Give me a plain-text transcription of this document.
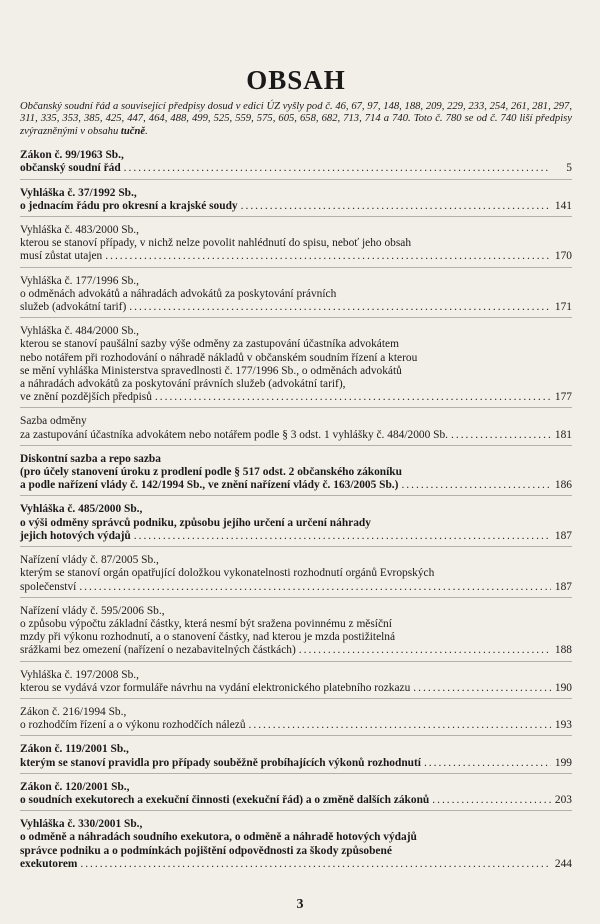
OBSAH
Občanský soudní řád a související předpisy dosud v edici ÚZ vyšly pod č. 46, 67, 97, 148, 188, 209, 229, 233, 254, 261, 281, 297, 311, 335, 353, 385, 425, 447, 464, 488, 499, 525, 559, 575, 605, 658, 682, 713, 714 a 740. Toto č. 780 se od č. 740 liší předpisy zvýrazněnými v obsahu tučně.
Zákon č. 99/1963 Sb.,
občanský soudní řád .....	5
Vyhláška č. 37/1992 Sb.,
o jednacím řádu pro okresní a krajské soudy .....	141
Vyhláška č. 483/2000 Sb.,
kterou se stanoví případy, v nichž nelze povolit nahlédnutí do spisu, neboť jeho obsah
musí zůstat utajen .....	170
Vyhláška č. 177/1996 Sb.,
o odměnách advokátů a náhradách advokátů za poskytování právních
služeb (advokátní tarif) .....	171
Vyhláška č. 484/2000 Sb.,
kterou se stanoví paušální sazby výše odměny za zastupování účastníka advokátem
nebo notářem při rozhodování o náhradě nákladů v občanském soudním řízení a kterou
se mění vyhláška Ministerstva spravedlnosti č. 177/1996 Sb., o odměnách advokátů
a náhradách advokátů za poskytování právních služeb (advokátní tarif),
ve znění pozdějších předpisů .....	177
Sazba odměny
za zastupování účastníka advokátem nebo notářem podle § 3 odst. 1 vyhlášky č. 484/2000 Sb. .....	181
Diskontní sazba a repo sazba
(pro účely stanovení úroku z prodlení podle § 517 odst. 2 občanského zákoníku
a podle nařízení vlády č. 142/1994 Sb., ve znění nařízení vlády č. 163/2005 Sb.) .....	186
Vyhláška č. 485/2000 Sb.,
o výši odměny správců podniku, způsobu jejího určení a určení náhrady
jejich hotových výdajů .....	187
Nařízení vlády č. 87/2005 Sb.,
kterým se stanoví orgán opatřující doložkou vykonatelnosti rozhodnutí orgánů Evropských
společenství .....	187
Nařízení vlády č. 595/2006 Sb.,
o způsobu výpočtu základní částky, která nesmí být sražena povinnému z měsíční
mzdy při výkonu rozhodnutí, a o stanovení částky, nad kterou je mzda postižitelná
srážkami bez omezení (nařízení o nezabavitelných částkách) .....	188
Vyhláška č. 197/2008 Sb.,
kterou se vydává vzor formuláře návrhu na vydání elektronického platebního rozkazu .....	190
Zákon č. 216/1994 Sb.,
o rozhodčím řízení a o výkonu rozhodčích nálezů .....	193
Zákon č. 119/2001 Sb.,
kterým se stanoví pravidla pro případy souběžně probíhajících výkonů rozhodnutí .....	199
Zákon č. 120/2001 Sb.,
o soudních exekutorech a exekuční činnosti (exekuční řád) a o změně dalších zákonů .....	203
Vyhláška č. 330/2001 Sb.,
o odměně a náhradách soudního exekutora, o odměně a náhradě hotových výdajů
správce podniku a o podmínkách pojištění odpovědnosti za škody způsobené
exekutorem .....	244
3
